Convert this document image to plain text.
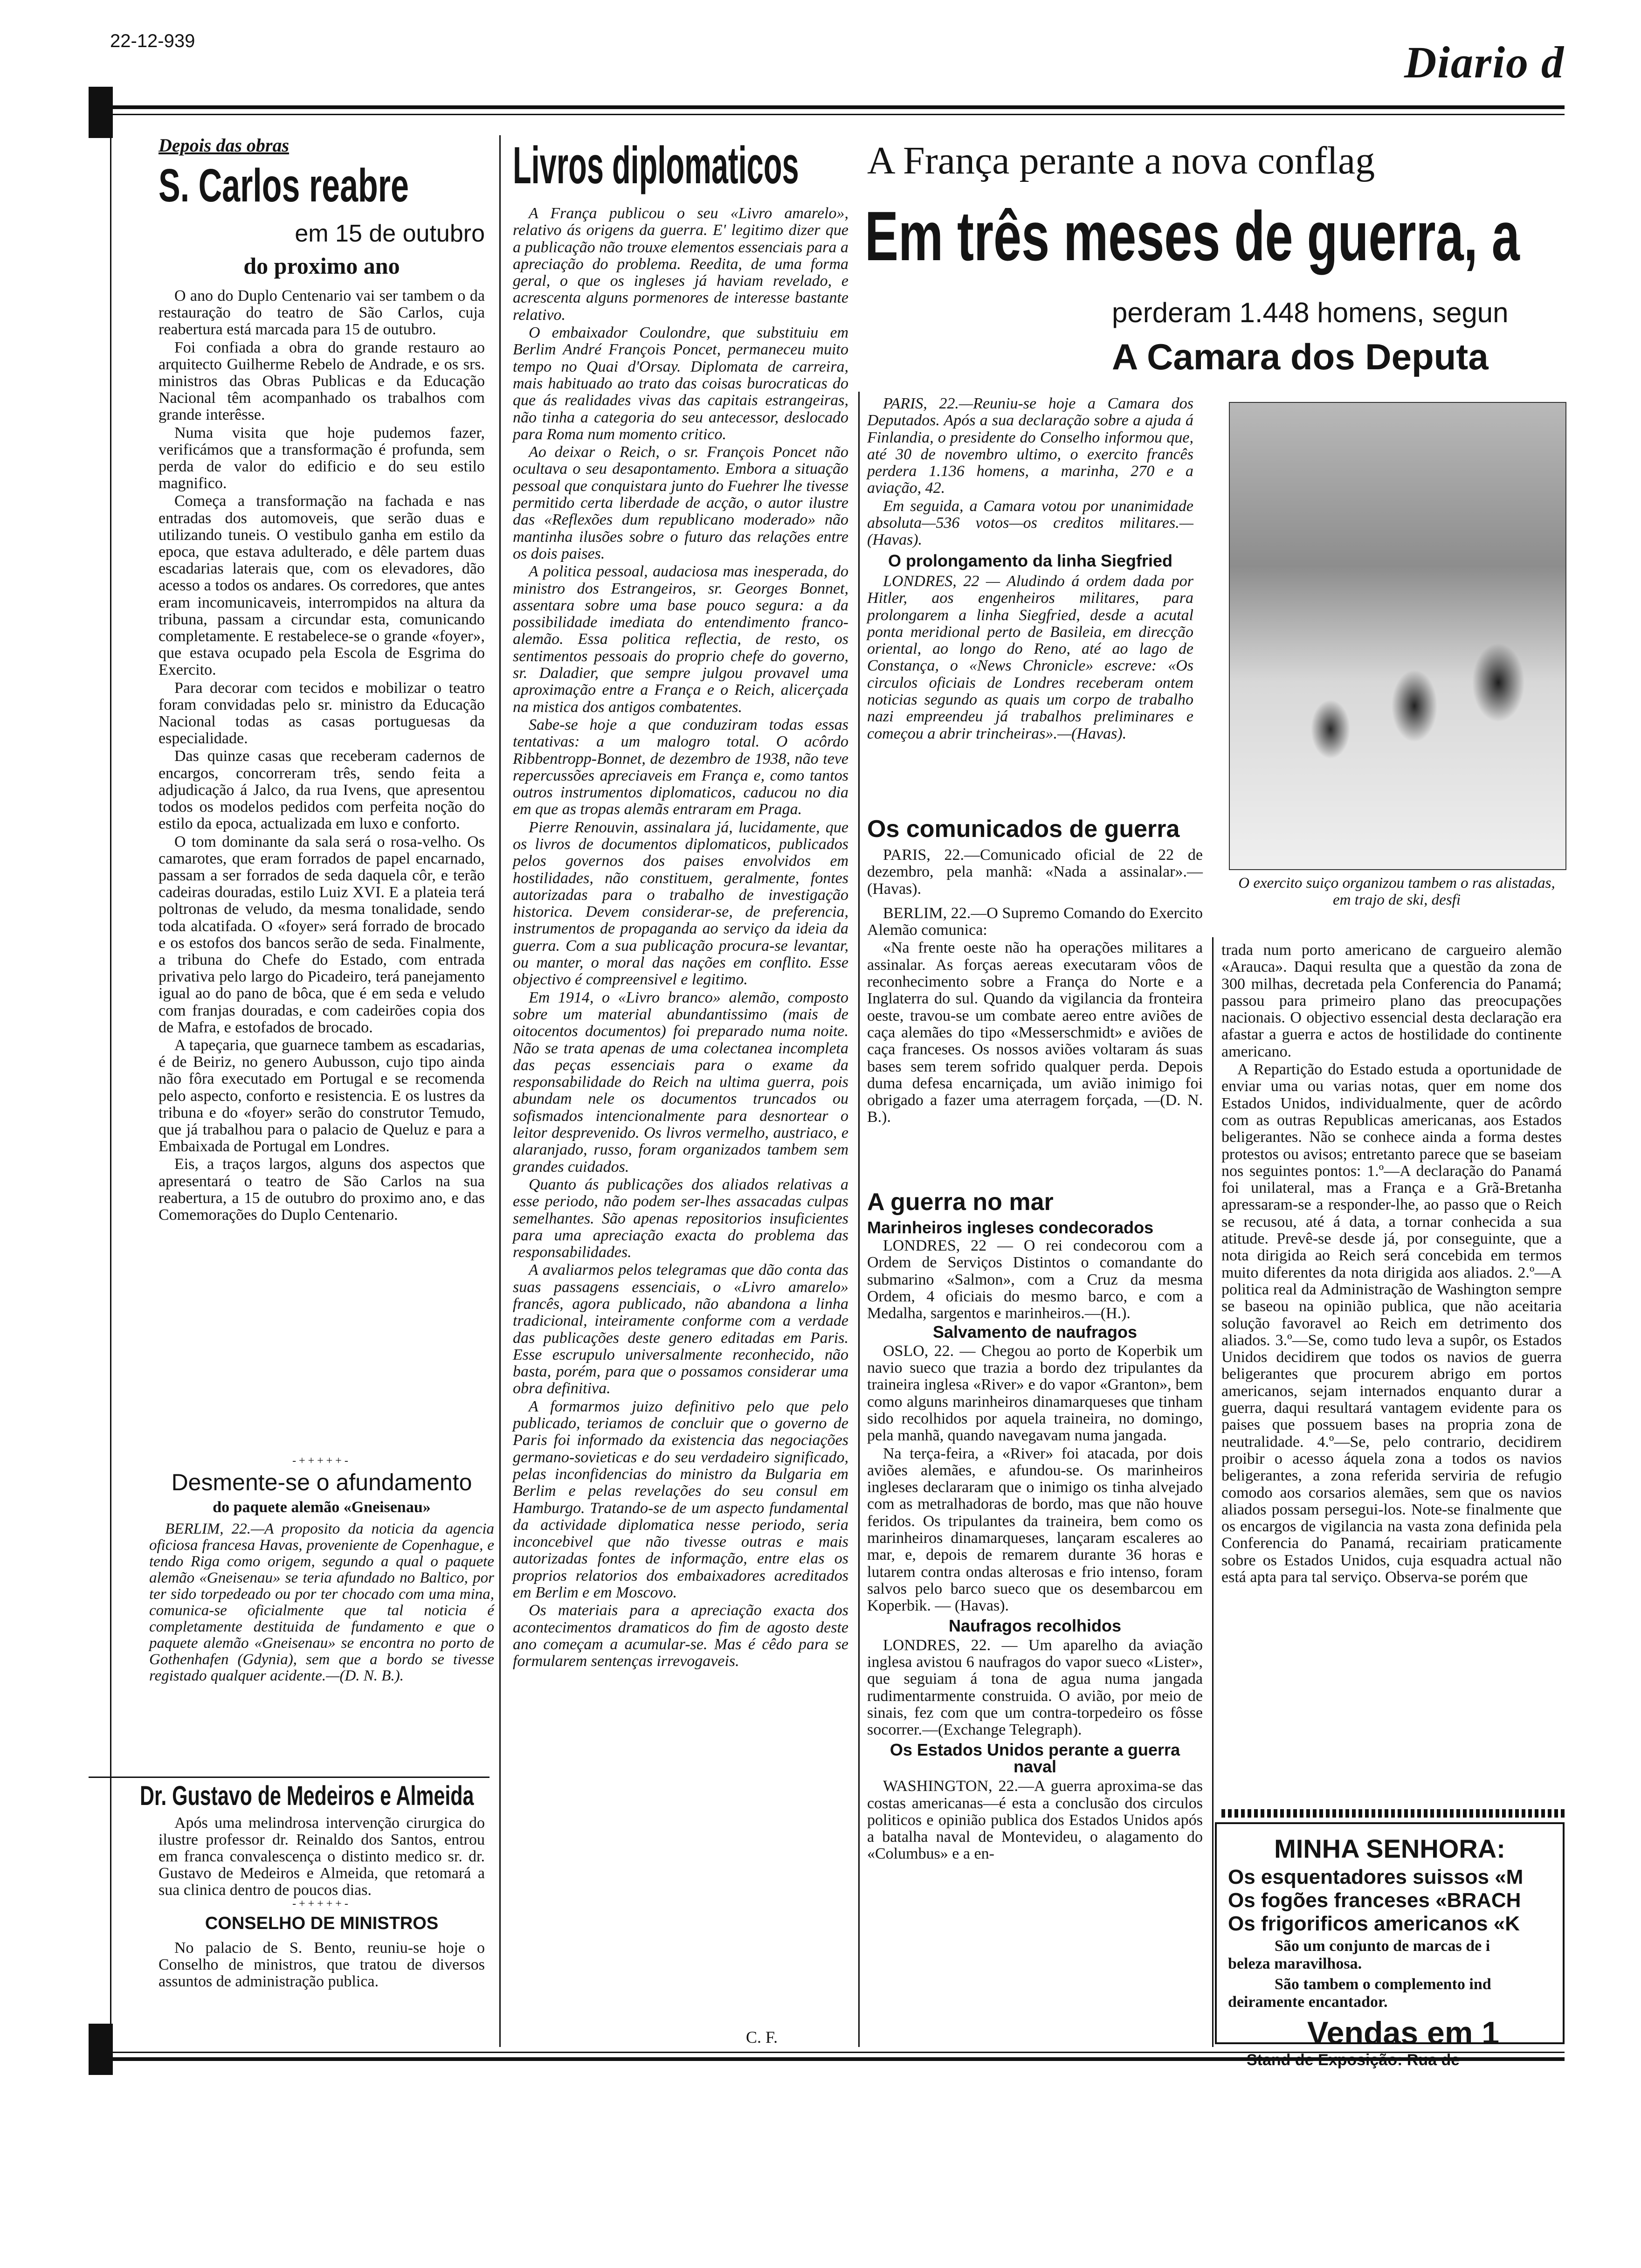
22-12-939	Diario d
Depois das obras
S. Carlos reabre
em 15 de outubro
do proximo ano

O ano do Duplo Centenario vai ser tambem o da restauração do teatro de São Carlos, cuja reabertura está marcada para 15 de outubro.

Foi confiada a obra do grande restauro ao arquitecto Guilherme Rebelo de Andrade, e os srs. ministros das Obras Publicas e da Educação Nacional têm acompanhado os trabalhos com grande interêsse.

Numa visita que hoje pudemos fazer, verificámos que a transformação é profunda, sem perda de valor do edificio e do seu estilo magnifico.

Começa a transformação na fachada e nas entradas dos automoveis, que serão duas e utilizando tuneis. O vestibulo ganha em estilo da epoca, que estava adulterado, e dêle partem duas escadarias laterais que, com os elevadores, dão acesso a todos os andares. Os corredores, que antes eram incomunicaveis, interrompidos na altura da tribuna, passam a circundar esta, comunicando completamente. E restabelece-se o grande «foyer», que estava ocupado pela Escola de Esgrima do Exercito.

Para decorar com tecidos e mobilizar o teatro foram convidadas pelo sr. ministro da Educação Nacional todas as casas portuguesas da especialidade.

Das quinze casas que receberam cadernos de encargos, concorreram três, sendo feita a adjudicação á Jalco, da rua Ivens, que apresentou todos os modelos pedidos com perfeita noção do estilo da epoca, actualizada em luxo e conforto.

O tom dominante da sala será o rosa-velho. Os camarotes, que eram forrados de papel encarnado, passam a ser forrados de seda daquela côr, e terão cadeiras douradas, estilo Luiz XVI. E a plateia terá poltronas de veludo, da mesma tonalidade, sendo toda alcatifada. O «foyer» será forrado de brocado e os estofos dos bancos serão de seda. Finalmente, a tribuna do Chefe do Estado, com entrada privativa pelo largo do Picadeiro, terá panejamento igual ao do pano de bôca, que é em seda e veludo com franjas douradas, e com cadeirões copia dos de Mafra, e estofados de brocado.

A tapeçaria, que guarnece tambem as escadarias, é de Beiriz, no genero Aubusson, cujo tipo ainda não fôra executado em Portugal e se recomenda pelo aspecto, conforto e resistencia. E os lustres da tribuna e do «foyer» serão do construtor Temudo, que já trabalhou para o palacio de Queluz e para a Embaixada de Portugal em Londres.

Eis, a traços largos, alguns dos aspectos que apresentará o teatro de São Carlos na sua reabertura, a 15 de outubro do proximo ano, e das Comemorações do Duplo Centenario.

-+++++-
Desmente-se o afundamento
do paquete alemão «Gneisenau»

BERLIM, 22.—A proposito da noticia da agencia oficiosa francesa Havas, proveniente de Copenhague, e tendo Riga como origem, segundo a qual o paquete alemão «Gneisenau» se teria afundado no Baltico, por ter sido torpedeado ou por ter chocado com uma mina, comunica-se oficialmente que tal noticia é completamente destituida de fundamento e que o paquete alemão «Gneisenau» se encontra no porto de Gothenhafen (Gdynia), sem que a bordo se tivesse registado qualquer acidente.—(D. N. B.).

Dr. Gustavo de Medeiros e Almeida

Após uma melindrosa intervenção cirurgica do ilustre professor dr. Reinaldo dos Santos, entrou em franca convalescença o distinto medico sr. dr. Gustavo de Medeiros e Almeida, que retomará a sua clinica dentro de poucos dias.

-+++++-
CONSELHO DE MINISTROS

No palacio de S. Bento, reuniu-se hoje o Conselho de ministros, que tratou de diversos assuntos de administração publica.

Livros diplomaticos

A França publicou o seu «Livro amarelo», relativo ás origens da guerra. E' legitimo dizer que a publicação não trouxe elementos essenciais para a apreciação do problema. Reedita, de uma forma geral, o que os ingleses já haviam revelado, e acrescenta alguns pormenores de interesse bastante relativo.

O embaixador Coulondre, que substituiu em Berlim André François Poncet, permaneceu muito tempo no Quai d'Orsay. Diplomata de carreira, mais habituado ao trato das coisas burocraticas do que ás realidades vivas das capitais estrangeiras, não tinha a categoria do seu antecessor, deslocado para Roma num momento critico.

Ao deixar o Reich, o sr. François Poncet não ocultava o seu desapontamento. Embora a situação pessoal que conquistara junto do Fuehrer lhe tivesse permitido certa liberdade de acção, o autor ilustre das «Reflexões dum republicano moderado» não mantinha ilusões sobre o futuro das relações entre os dois paises.

A politica pessoal, audaciosa mas inesperada, do ministro dos Estrangeiros, sr. Georges Bonnet, assentara sobre uma base pouco segura: a da possibilidade imediata do entendimento franco-alemão. Essa politica reflectia, de resto, os sentimentos pessoais do proprio chefe do governo, sr. Daladier, que sempre julgou provavel uma aproximação entre a França e o Reich, alicerçada na mistica dos antigos combatentes.

Sabe-se hoje a que conduziram todas essas tentativas: a um malogro total. O acôrdo Ribbentropp-Bonnet, de dezembro de 1938, não teve repercussões apreciaveis em França e, como tantos outros instrumentos diplomaticos, caducou no dia em que as tropas alemãs entraram em Praga.

Pierre Renouvin, assinalara já, lucidamente, que os livros de documentos diplomaticos, publicados pelos governos dos paises envolvidos em hostilidades, não constituem, geralmente, fontes autorizadas para o trabalho de investigação historica. Devem considerar-se, de preferencia, instrumentos de propaganda ao serviço da ideia da guerra. Com a sua publicação procura-se levantar, ou manter, o moral das nações em conflito. Esse objectivo é compreensivel e legitimo.

Em 1914, o «Livro branco» alemão, composto sobre um material abundantissimo (mais de oitocentos documentos) foi preparado numa noite. Não se trata apenas de uma colectanea incompleta das peças essenciais para o exame da responsabilidade do Reich na ultima guerra, pois abundam nele os documentos truncados ou sofismados intencionalmente para desnortear o leitor desprevenido. Os livros vermelho, austriaco, e alaranjado, russo, foram organizados tambem sem grandes cuidados.

Quanto ás publicações dos aliados relativas a esse periodo, não podem ser-lhes assacadas culpas semelhantes. São apenas repositorios insuficientes para uma apreciação exacta do problema das responsabilidades.

A avaliarmos pelos telegramas que dão conta das suas passagens essenciais, o «Livro amarelo» francês, agora publicado, não abandona a linha tradicional, inteiramente conforme com a verdade das publicações deste genero editadas em Paris. Esse escrupulo universalmente reconhecido, não basta, porém, para que o possamos considerar uma obra definitiva.

A formarmos juizo definitivo pelo que pelo publicado, teriamos de concluir que o governo de Paris foi informado da existencia das negociações germano-sovieticas e do seu verdadeiro significado, pelas inconfidencias do ministro da Bulgaria em Berlim e pelas revelações do seu consul em Hamburgo. Tratando-se de um aspecto fundamental da actividade diplomatica nesse periodo, seria inconcebivel que não tivesse outras e mais autorizadas fontes de informação, entre elas os proprios relatorios dos embaixadores acreditados em Berlim e em Moscovo.

Os materiais para a apreciação exacta dos acontecimentos dramaticos do fim de agosto deste ano começam a acumular-se. Mas é cêdo para se formularem sentenças irrevogaveis.

C. F.
A França perante a nova conflag
Em três meses de guerra, a
perderam 1.448 homens, segun
A Camara dos Deputa

PARIS, 22.—Reuniu-se hoje a Camara dos Deputados. Após a sua declaração sobre a ajuda á Finlandia, o presidente do Conselho informou que, até 30 de novembro ultimo, o exercito francês perdera 1.136 homens, a marinha, 270 e a aviação, 42.

Em seguida, a Camara votou por unanimidade absoluta—536 votos—os creditos militares.—(Havas).

O prolongamento da linha Siegfried

LONDRES, 22 — Aludindo á ordem dada por Hitler, aos engenheiros militares, para prolongarem a linha Siegfried, desde a acutal ponta meridional perto de Basileia, em direcção oriental, ao longo do Reno, até ao lago de Constança, o «News Chronicle» escreve: «Os circulos oficiais de Londres receberam ontem noticias segundo as quais um corpo de trabalho nazi empreendeu já trabalhos preliminares e começou a abrir trincheiras».—(Havas).

Os comunicados de guerra

PARIS, 22.—Comunicado oficial de 22 de dezembro, pela manhã: «Nada a assinalar».—(Havas).

BERLIM, 22.—O Supremo Comando do Exercito Alemão comunica:

«Na frente oeste não ha operações militares a assinalar. As forças aereas executaram vôos de reconhecimento sobre a França do Norte e a Inglaterra do sul. Quando da vigilancia da fronteira oeste, travou-se um combate aereo entre aviões de caça alemães do tipo «Messerschmidt» e aviões de caça franceses. Os nossos aviões voltaram ás suas bases sem terem sofrido qualquer perda. Depois duma defesa encarniçada, um avião inimigo foi obrigado a fazer uma aterragem forçada, —(D. N. B.).

A guerra no mar
Marinheiros ingleses condecorados

LONDRES, 22 — O rei condecorou com a Ordem de Serviços Distintos o comandante do submarino «Salmon», com a Cruz da mesma Ordem, 4 oficiais do mesmo barco, e com a Medalha, sargentos e marinheiros.—(H.).

Salvamento de naufragos

OSLO, 22. — Chegou ao porto de Koperbik um navio sueco que trazia a bordo dez tripulantes da traineira inglesa «River» e do vapor «Granton», bem como alguns marinheiros dinamarqueses que tinham sido recolhidos por aquela traineira, no domingo, pela manhã, quando navegavam numa jangada.

Na terça-feira, a «River» foi atacada, por dois aviões alemães, e afundou-se. Os marinheiros ingleses declararam que o inimigo os tinha alvejado com as metralhadoras de bordo, mas que não houve feridos. Os tripulantes da traineira, bem como os marinheiros dinamarqueses, lançaram escaleres ao mar, e, depois de remarem durante 36 horas e lutarem contra ondas alterosas e frio intenso, foram salvos pelo barco sueco que os desembarcou em Koperbik. — (Havas).

Naufragos recolhidos

LONDRES, 22. — Um aparelho da aviação inglesa avistou 6 naufragos do vapor sueco «Lister», que seguiam á tona de agua numa jangada rudimentarmente construida. O avião, por meio de sinais, fez com que um contra-torpedeiro os fôsse socorrer.—(Exchange Telegraph).

Os Estados Unidos perante a guerra naval

WASHINGTON, 22.—A guerra aproxima-se das costas americanas—é esta a conclusão dos circulos politicos e opinião publica dos Estados Unidos após a batalha naval de Montevideu, o alagamento do «Columbus» e a en-

O exercito suiço organizou tambem o ras alistadas, em trajo de ski, desfi

trada num porto americano de cargueiro alemão «Arauca». Daqui resulta que a questão da zona de 300 milhas, decretada pela Conferencia do Panamá; passou para primeiro plano das preocupações nacionais. O objectivo essencial desta declaração era afastar a guerra e actos de hostilidade do continente americano.

A Repartição do Estado estuda a oportunidade de enviar uma ou varias notas, quer em nome dos Estados Unidos, individualmente, quer de acôrdo com as outras Republicas americanas, aos Estados beligerantes. Não se conhece ainda a forma destes protestos ou avisos; entretanto parece que se baseiam nos seguintes pontos: 1.º—A declaração do Panamá foi unilateral, mas a França e a Grã-Bretanha apressaram-se a responder-lhe, ao passo que o Reich se recusou, até á data, a tornar conhecida a sua atitude. Prevê-se desde já, por conseguinte, que a nota dirigida ao Reich será concebida em termos muito diferentes da nota dirigida aos aliados. 2.º—A politica real da Administração de Washington sempre se baseou na opinião publica, que não aceitaria solução favoravel ao Reich em detrimento dos aliados. 3.º—Se, como tudo leva a supôr, os Estados Unidos decidirem que todos os navios de guerra beligerantes que procurem abrigo em portos americanos, sejam internados enquanto durar a guerra, daqui resultará vantagem evidente para os paises que possuem bases na propria zona de neutralidade. 4.º—Se, pelo contrario, decidirem proibir o acesso áquela zona a todos os navios beligerantes, a zona referida serviria de refugio comodo aos corsarios alemães, sem que os navios aliados possam persegui-los. Note-se finalmente que os encargos de vigilancia na vasta zona definida pela Conferencia do Panamá, recairiam praticamente sobre os Estados Unidos, cuja esquadra actual não está apta para tal serviço. Observa-se porém que

MINHA SENHORA:
Os esquentadores suissos «M
Os fogões franceses «BRACH
Os frigorificos americanos «K
São um conjunto de marcas de i
beleza maravilhosa.
São tambem o complemento ind
deiramente encantador.
Vendas em 1
